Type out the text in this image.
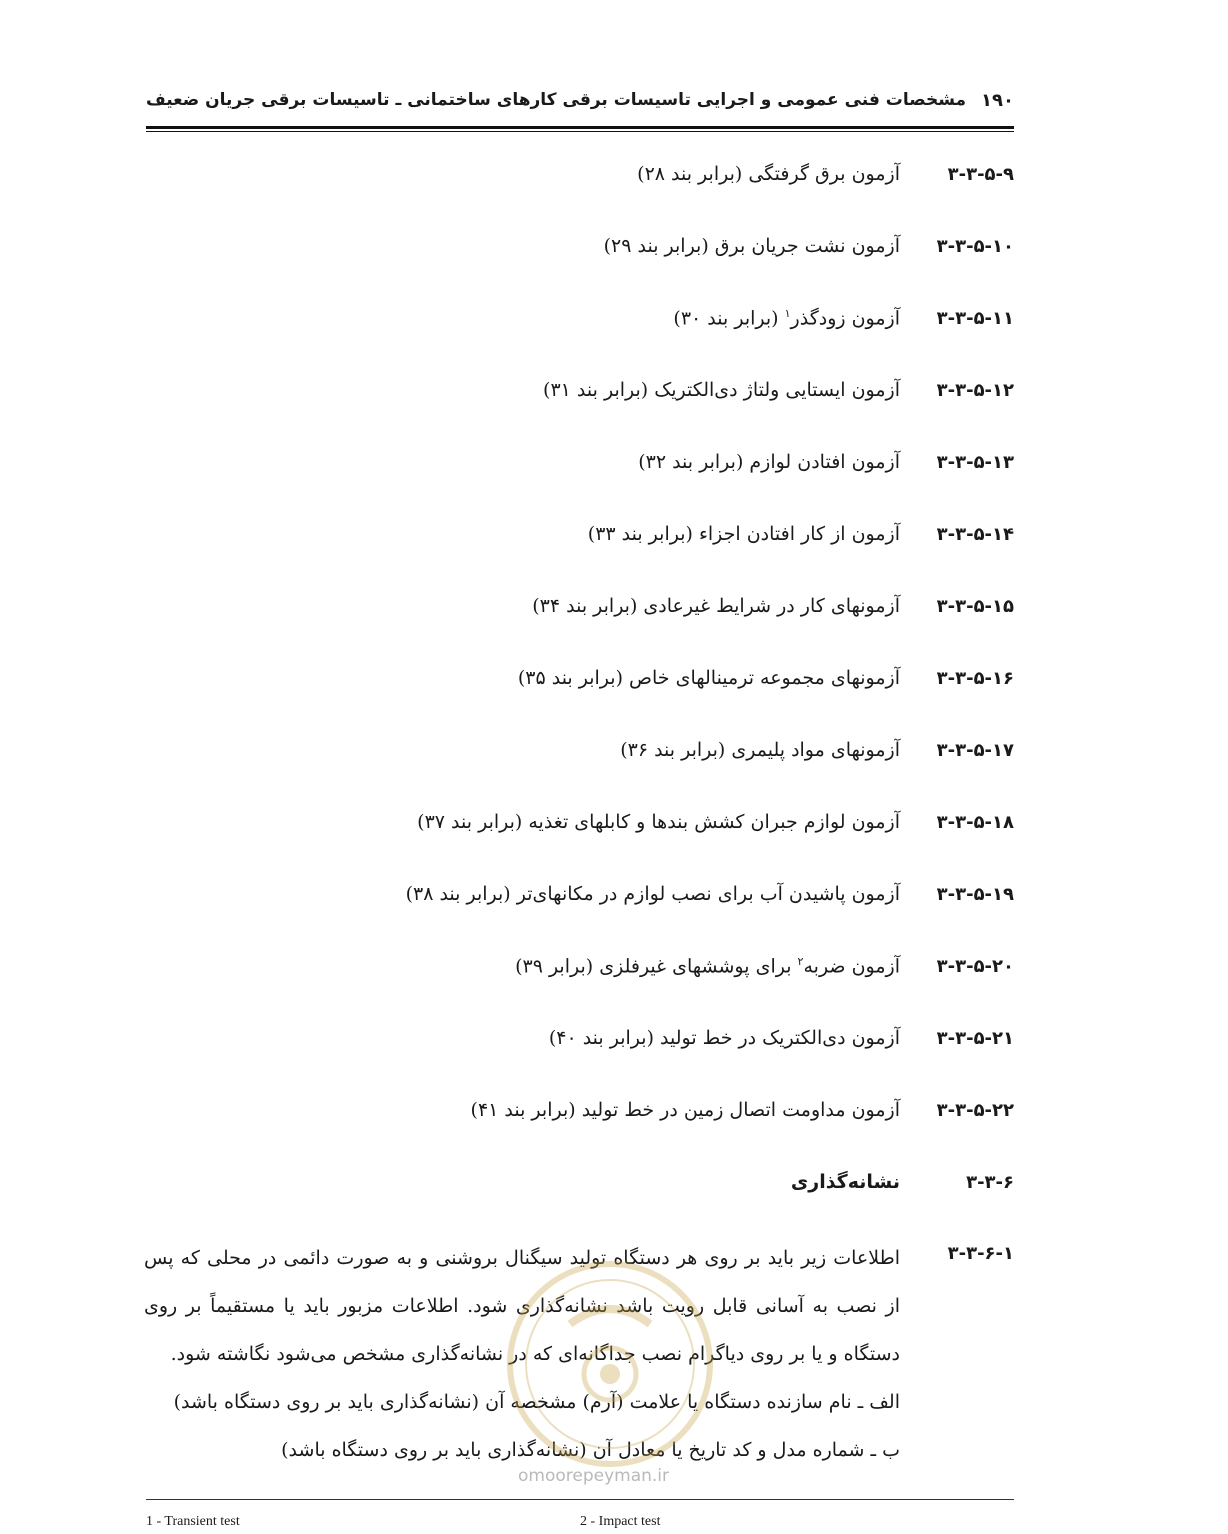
۱۹۰
مشخصات فنی عمومی و اجرایی تاسیسات برقی کارهای ساختمانی ـ تاسیسات برقی جریان ضعیف
۳-۳-۵-۹
آزمون برق گرفتگی (برابر بند ۲۸)
۳-۳-۵-۱۰
آزمون نشت جریان برق (برابر بند ۲۹)
۳-۳-۵-۱۱
آزمون زودگذر$^۱$ (برابر بند ۳۰)
۳-۳-۵-۱۲
آزمون ایستایی ولتاژ دی‌الکتریک (برابر بند ۳۱)
۳-۳-۵-۱۳
آزمون افتادن لوازم (برابر بند ۳۲)
۳-۳-۵-۱۴
آزمون از کار افتادن اجزاء (برابر بند ۳۳)
۳-۳-۵-۱۵
آزمونهای کار در شرایط غیرعادی (برابر بند ۳۴)
۳-۳-۵-۱۶
آزمونهای مجموعه ترمینالهای خاص (برابر بند ۳۵)
۳-۳-۵-۱۷
آزمونهای مواد پلیمری (برابر بند ۳۶)
۳-۳-۵-۱۸
آزمون لوازم جبران کشش بندها و کابلهای تغذیه (برابر بند ۳۷)
۳-۳-۵-۱۹
آزمون پاشیدن آب برای نصب لوازم در مکانهای‌تر (برابر بند ۳۸)
۳-۳-۵-۲۰
آزمون ضربه$^۲$ برای پوششهای غیرفلزی (برابر ۳۹)
۳-۳-۵-۲۱
آزمون دی‌الکتریک در خط تولید (برابر بند ۴۰)
۳-۳-۵-۲۲
آزمون مداومت اتصال زمین در خط تولید (برابر بند ۴۱)
۳-۳-۶
نشانه‌گذاری
۳-۳-۶-۱

اطلاعات زیر باید بر روی هر دستگاه تولید سیگنال بروشنی و به صورت دائمی در محلی که پس از نصب به آسانی قابل رویت باشد نشانه‌گذاری شود. اطلاعات مزبور باید یا مستقیماً بر روی دستگاه و یا بر روی دیاگرام نصب جداگانه‌ای که در نشانه‌گذاری مشخص می‌شود نگاشته شود.

الف ـ نام سازنده دستگاه یا علامت (آرم) مشخصه آن (نشانه‌گذاری باید بر روی دستگاه باشد)

ب ـ شماره مدل و کد تاریخ یا معادل آن (نشانه‌گذاری باید بر روی دستگاه باشد)

omoorepeyman.ir
1 - Transient test	2 - Impact test
